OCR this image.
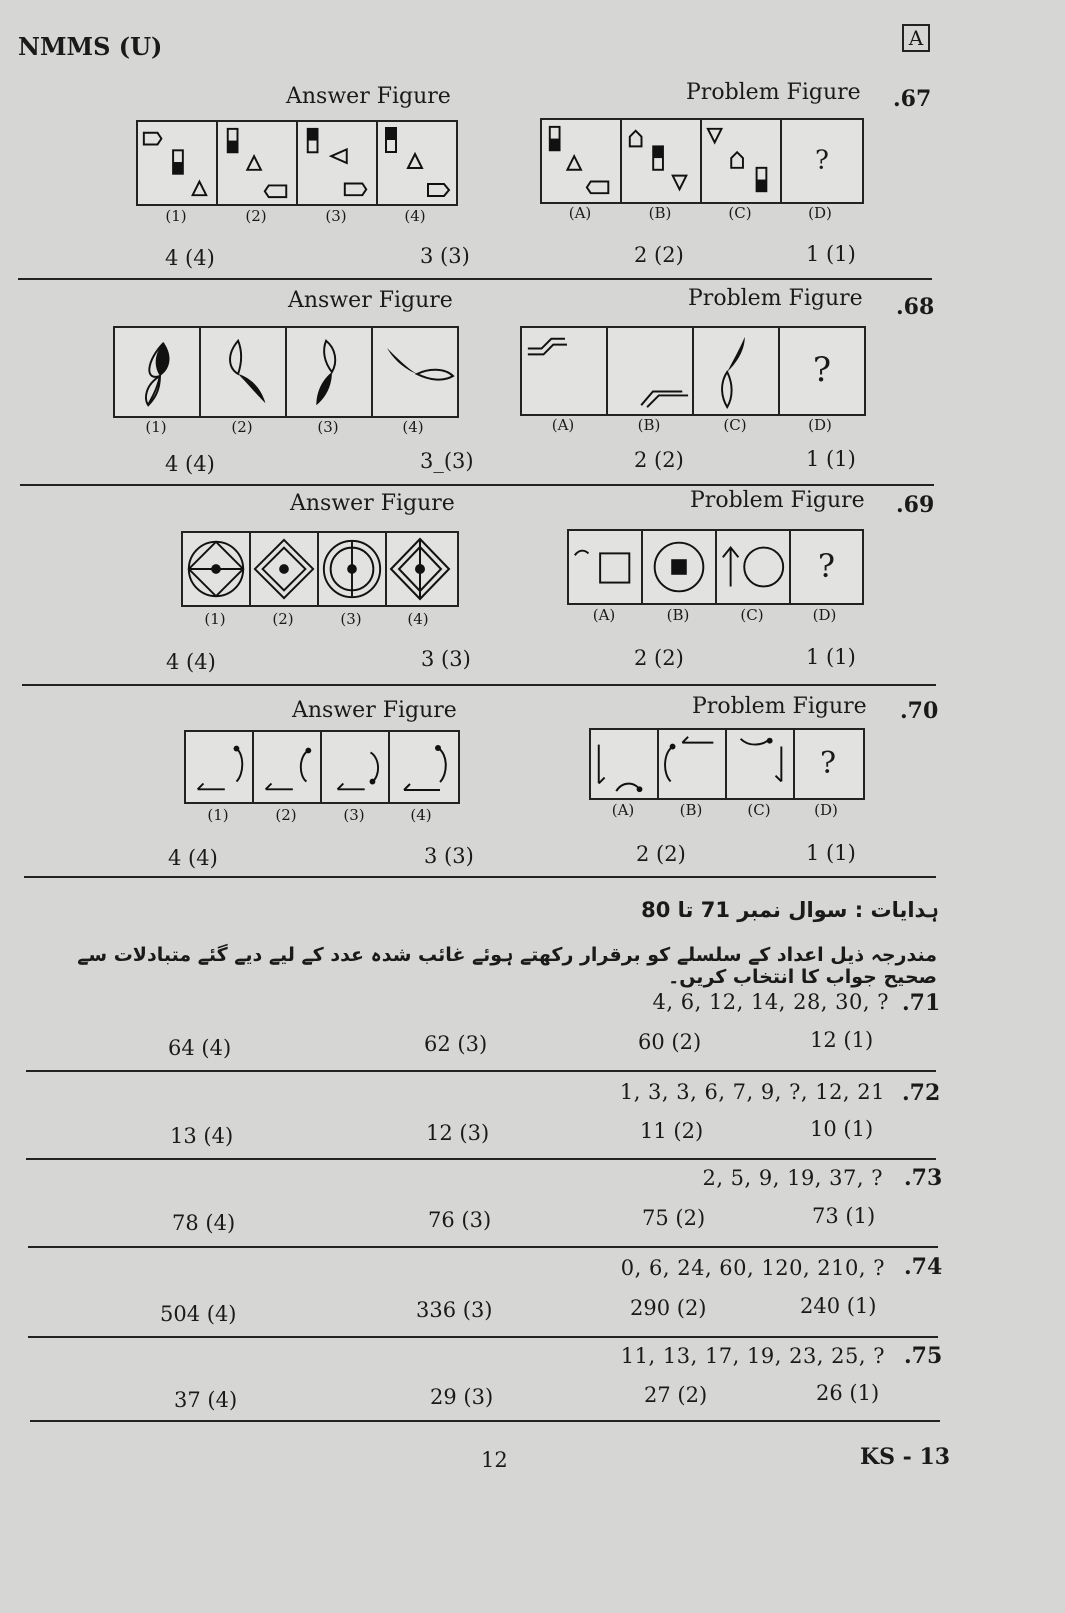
NMMS (U)	A
Answer Figure	Problem Figure .67
(1)	(2)	(3)	(4)
?
(A)	(B)	(C)	(D)
4 (4)	3 (3)	2 (2)	1 (1)
Answer Figure	Problem Figure .68
(1)	(2)	(3)	(4)
?
(A)	(B)	(C)	(D)
4 (4)	3_(3)	2 (2)	1 (1)
Answer Figure	Problem Figure .69
(1)	(2)	(3)	(4)
?
(A)	(B)	(C)	(D)
4 (4)	3 (3)	2 (2)	1 (1)
Answer Figure	Problem Figure .70
(1)	(2)	(3)	(4)
?
(A)	(B)	(C)	(D)
4 (4)	3 (3)	2 (2)	1 (1)
ہدایات : سوال نمبر 71 تا 80
مندرجہ ذیل اعداد کے سلسلے کو برقرار رکھتے ہوئے غائب شدہ عدد کے لیے دیے گئے متبادلات سے صحیح جواب کا انتخاب کریں۔
4, 6, 12, 14, 28, 30, ? .71
64 (4)	62 (3)	60 (2)	12 (1)
1, 3, 3, 6, 7, 9, ?, 12, 21 .72
13 (4)	12 (3)	11 (2)	10 (1)
2, 5, 9, 19, 37, ? .73
78 (4)	76 (3)	75 (2)	73 (1)
0, 6, 24, 60, 120, 210, ? .74
504 (4)	336 (3)	290 (2)	240 (1)
11, 13, 17, 19, 23, 25, ? .75
37 (4)	29 (3)	27 (2)	26 (1)
12	KS - 13
